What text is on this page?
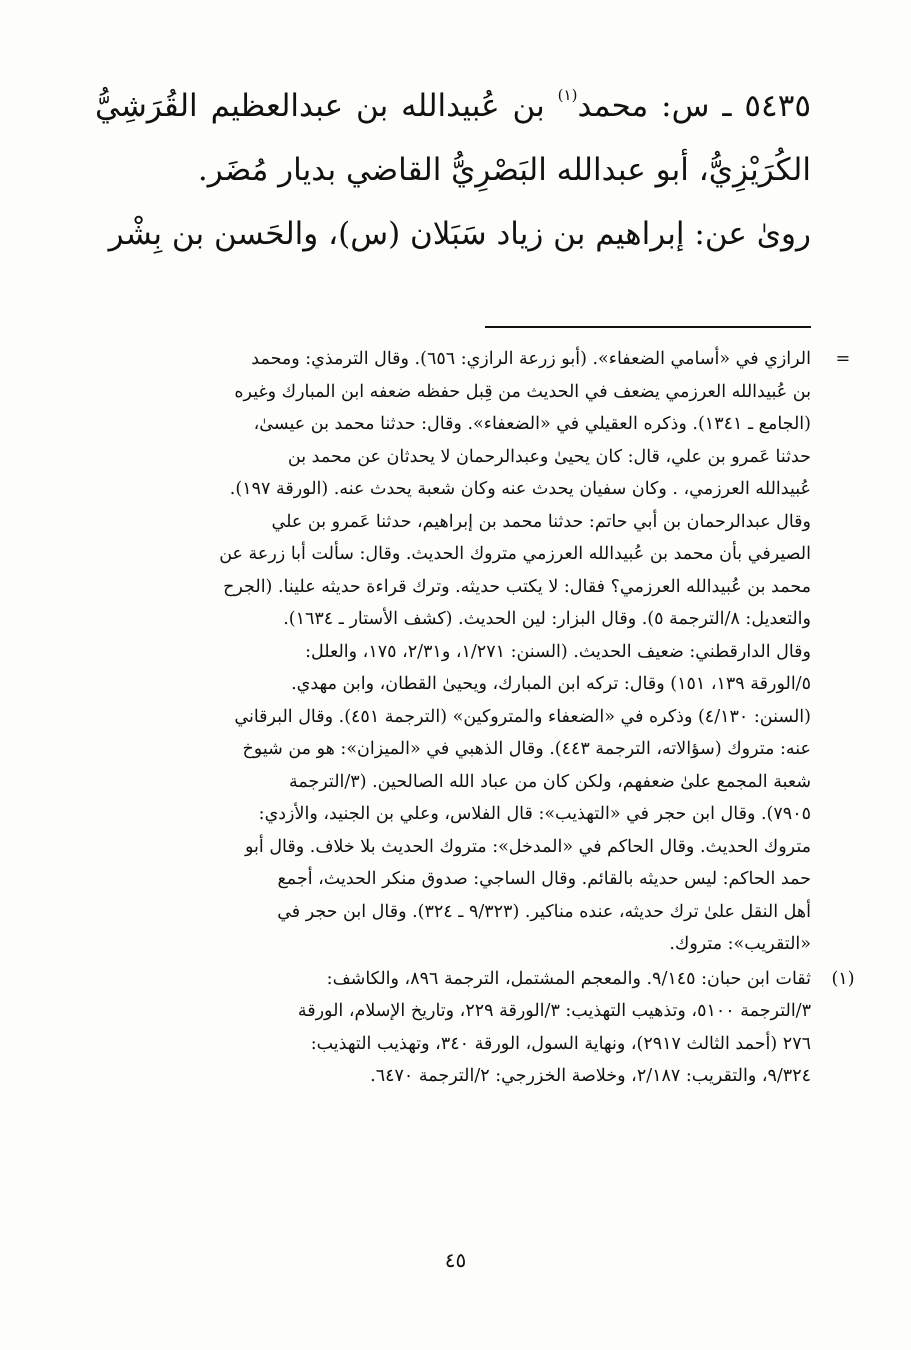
٥٤٣٥ ـ س: محمد$^{(١)}$ بن عُبيدالله بن عبدالعظيم القُرَشِيُّ الكُرَيْزِيُّ، أبو عبدالله البَصْرِيُّ القاضي بديار مُضَر.

روىٰ عن: إبراهيم بن زياد سَبَلان (س)، والحَسن بن بِشْر

=
الرازي في «أسامي الضعفاء». (أبو زرعة الرازي: ٦٥٦). وقال الترمذي: ومحمد
بن عُبيدالله العرزمي يضعف في الحديث من قِبل حفظه ضعفه ابن المبارك وغيره
(الجامع ـ ١٣٤١). وذكره العقيلي في «الضعفاء». وقال: حدثنا محمد بن عيسىٰ،
حدثنا عَمرو بن علي، قال: كان يحيىٰ وعبدالرحمان لا يحدثان عن محمد بن
عُبيدالله العرزمي، . وكان سفيان يحدث عنه وكان شعبة يحدث عنه. (الورقة ١٩٧).
وقال عبدالرحمان بن أبي حاتم: حدثنا محمد بن إبراهيم، حدثنا عَمرو بن علي
الصيرفي بأن محمد بن عُبيدالله العرزمي متروك الحديث. وقال: سألت أبا زرعة عن
محمد بن عُبيدالله العرزمي؟ فقال: لا يكتب حديثه. وترك قراءة حديثه علينا. (الجرح
والتعديل: ٨/الترجمة ٥). وقال البزار: لين الحديث. (كشف الأستار ـ ١٦٣٤).
وقال الدارقطني: ضعيف الحديث. (السنن: ١/٢٧١، و٢/٣١، ١٧٥، والعلل:
٥/الورقة ١٣٩، ١٥١) وقال: تركه ابن المبارك، ويحيىٰ القطان، وابن مهدي.
(السنن: ٤/١٣٠) وذكره في «الضعفاء والمتروكين» (الترجمة ٤٥١). وقال البرقاني
عنه: متروك (سؤالاته، الترجمة ٤٤٣). وقال الذهبي في «الميزان»: هو من شيوخ
شعبة المجمع علىٰ ضعفهم، ولكن كان من عباد الله الصالحين. (٣/الترجمة
٧٩٠٥). وقال ابن حجر في «التهذيب»: قال الفلاس، وعلي بن الجنيد، والأزدي:
متروك الحديث. وقال الحاكم في «المدخل»: متروك الحديث بلا خلاف. وقال أبو
حمد الحاكم: ليس حديثه بالقائم. وقال الساجي: صدوق منكر الحديث، أجمع
أهل النقل علىٰ ترك حديثه، عنده مناكير. (٩/٣٢٣ ـ ٣٢٤). وقال ابن حجر في
«التقريب»: متروك.
(١)
ثقات ابن حبان: ٩/١٤٥. والمعجم المشتمل، الترجمة ٨٩٦، والكاشف:
٣/الترجمة ٥١٠٠، وتذهيب التهذيب: ٣/الورقة ٢٢٩، وتاريخ الإسلام، الورقة
٢٧٦ (أحمد الثالث ٢٩١٧)، ونهاية السول، الورقة ٣٤٠، وتهذيب التهذيب:
٩/٣٢٤، والتقريب: ٢/١٨٧، وخلاصة الخزرجي: ٢/الترجمة ٦٤٧٠.
٤٥
